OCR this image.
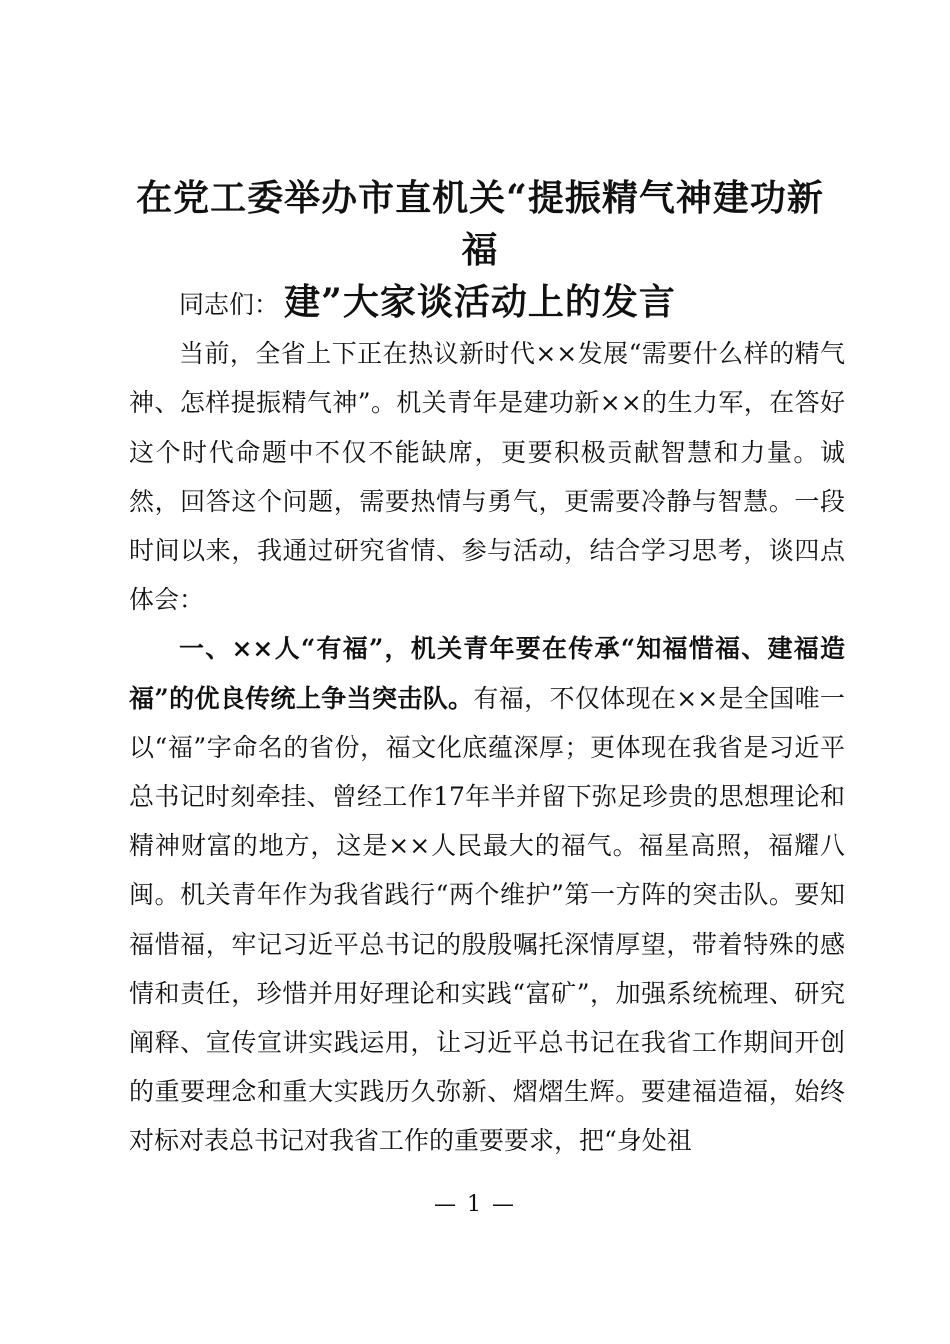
在党工委举办市直机关“提振精气神建功新福
建”大家谈活动上的发言

同志们：

当前，全省上下正在热议新时代××发展“需要什么样的精气神、怎样提振精气神”。机关青年是建功新××的生力军，在答好这个时代命题中不仅不能缺席，更要积极贡献智慧和力量。诚然，回答这个问题，需要热情与勇气，更需要冷静与智慧。一段时间以来，我通过研究省情、参与活动，结合学习思考，谈四点体会：

一、××人“有福”，机关青年要在传承“知福惜福、建福造福”的优良传统上争当突击队。有福，不仅体现在××是全国唯一以“福”字命名的省份，福文化底蕴深厚；更体现在我省是习近平总书记时刻牵挂、曾经工作17年半并留下弥足珍贵的思想理论和精神财富的地方，这是××人民最大的福气。福星高照，福耀八闽。机关青年作为我省践行“两个维护”第一方阵的突击队。要知福惜福，牢记习近平总书记的殷殷嘱托深情厚望，带着特殊的感情和责任，珍惜并用好理论和实践“富矿”，加强系统梳理、研究阐释、宣传宣讲实践运用，让习近平总书记在我省工作期间开创的重要理念和重大实践历久弥新、熠熠生辉。要建福造福，始终对标对表总书记对我省工作的重要要求，把“身处祖

— 1 —
